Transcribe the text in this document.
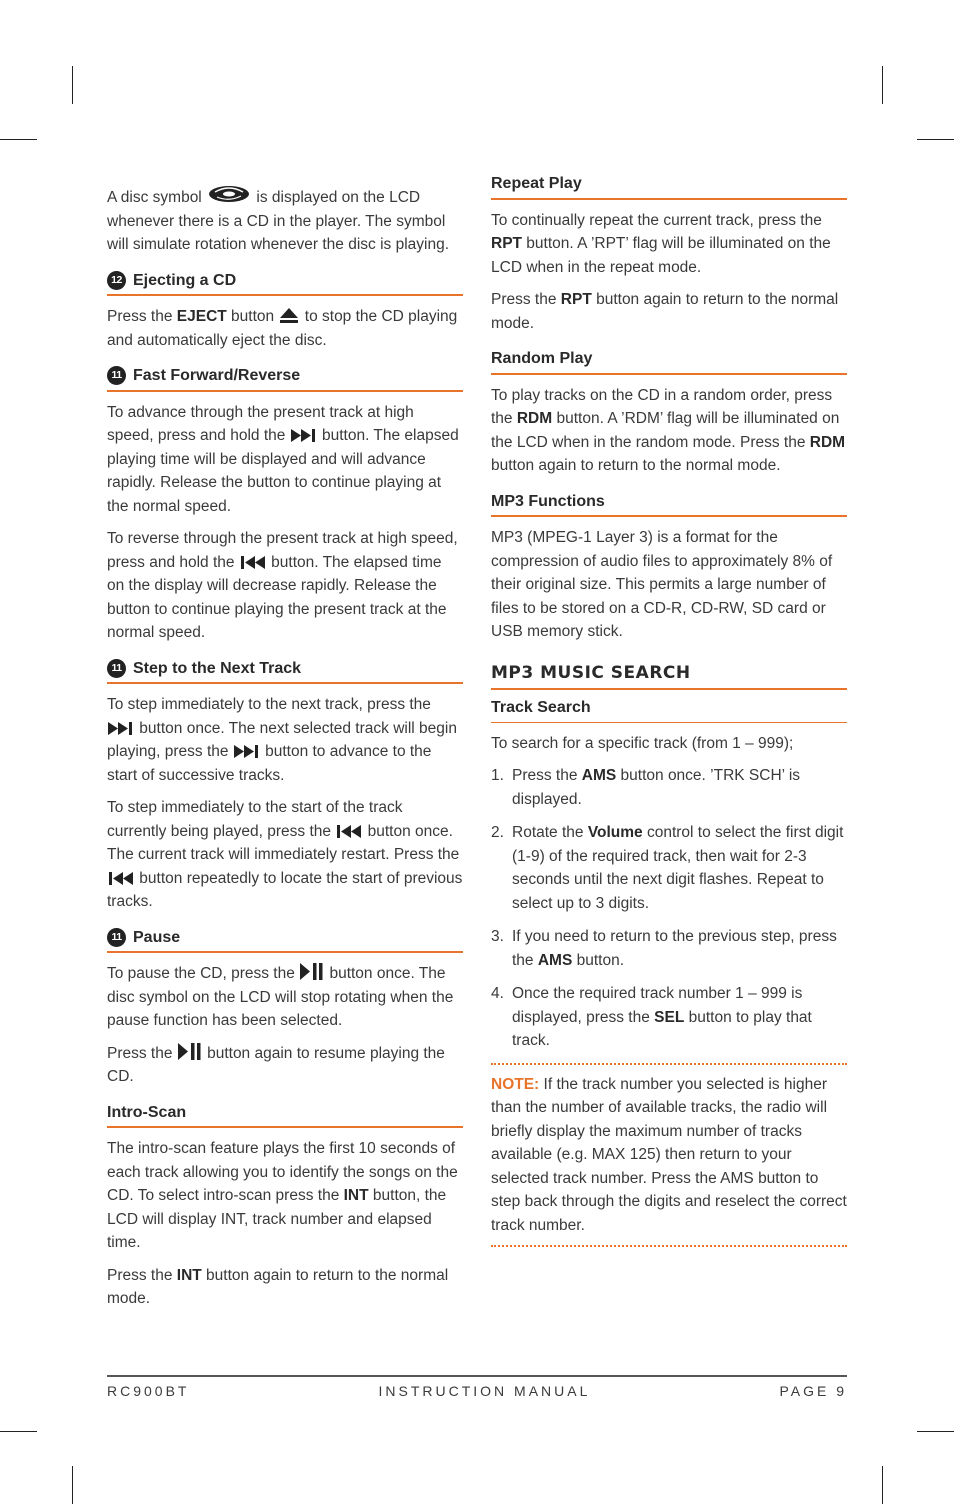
A disc symbol	is displayed on the LCD whenever there is a CD in the player. The symbol will simulate rotation whenever the disc is playing.

12 Ejecting a CD

Press the EJECT button  to stop the CD playing and automatically eject the disc.

11 Fast Forward/Reverse

To advance through the present track at high speed, press and hold the  button. The elapsed playing time will be displayed and will advance rapidly. Release the button to continue playing at the normal speed.

To reverse through the present track at high speed, press and hold the  button. The elapsed time on the display will decrease rapidly. Release the button to continue playing the present track at the normal speed.

11 Step to the Next Track

To step immediately to the next track, press the  button once. The next selected track will begin playing, press the  button to advance to the start of successive tracks.

To step immediately to the start of the track currently being played, press the  button once. The current track will immediately restart. Press the  button repeatedly to locate the start of previous tracks.

11 Pause

To pause the CD, press the  button once. The disc symbol on the LCD will stop rotating when the pause function has been selected.

Press the  button again to resume playing the CD.

Intro-Scan

The intro-scan feature plays the first 10 seconds of each track allowing you to identify the songs on the CD. To select intro-scan press the INT button, the LCD will display INT, track number and elapsed time.

Press the INT button again to return to the normal mode.

Repeat Play

To continually repeat the current track, press the RPT button. A ’RPT’ flag will be illuminated on the LCD when in the repeat mode.

Press the RPT button again to return to the normal mode.

Random Play

To play tracks on the CD in a random order, press the RDM button. A ’RDM’ flag will be illuminated on the LCD when in the random mode. Press the RDM button again to return to the normal mode.

MP3 Functions

MP3 (MPEG-1 Layer 3) is a format for the compression of audio files to approximately 8% of their original size. This permits a large number of files to be stored on a CD-R, CD-RW, SD card or USB memory stick.

MP3 MUSIC SEARCH
Track Search

To search for a specific track (from 1 – 999);

1. Press the AMS button once. ’TRK SCH’ is displayed.
2. Rotate the Volume control to select the first digit (1-9) of the required track, then wait for 2-3 seconds until the next digit flashes. Repeat to select up to 3 digits.
3. If you need to return to the previous step, press the AMS button.
4. Once the required track number 1 – 999 is displayed, press the SEL button to play that track.
NOTE: If the track number you selected is higher than the number of available tracks, the radio will briefly display the maximum number of tracks available (e.g. MAX 125) then return to your selected track number. Press the AMS button to step back through the digits and reselect the correct track number.
RC900BT	INSTRUCTION MANUAL	PAGE 9
